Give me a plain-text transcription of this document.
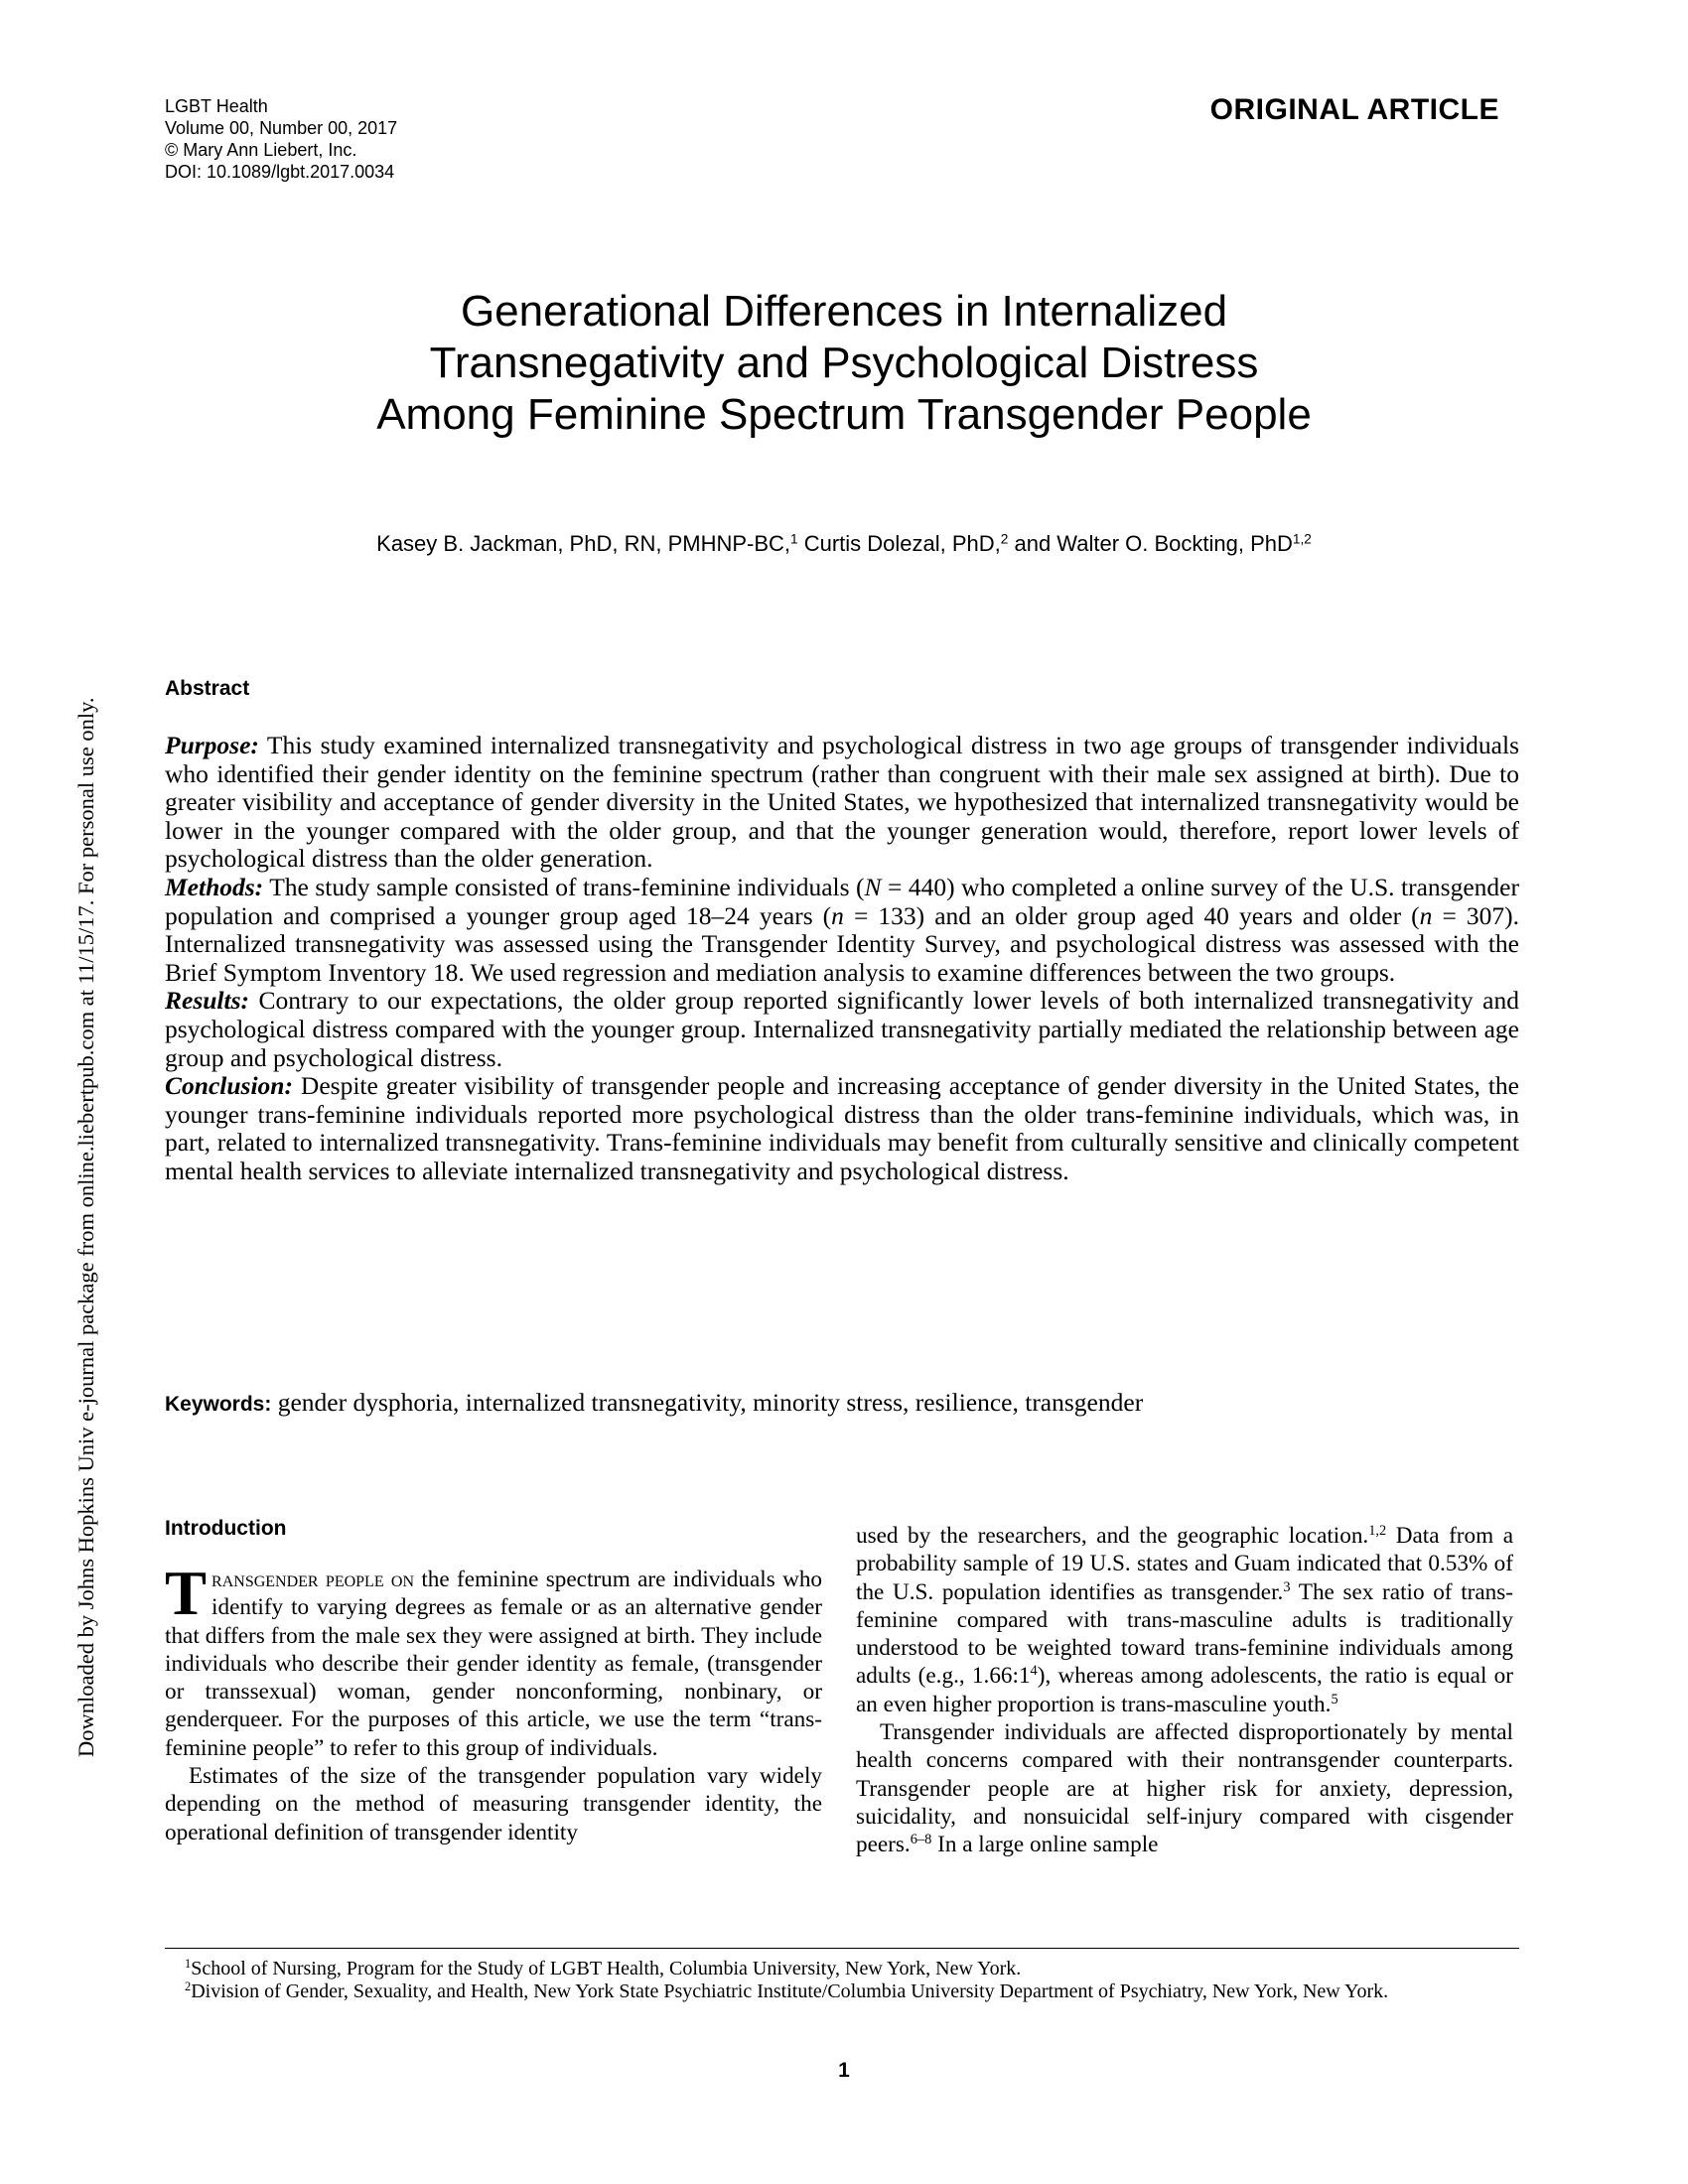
LGBT Health
Volume 00, Number 00, 2017
© Mary Ann Liebert, Inc.
DOI: 10.1089/lgbt.2017.0034
ORIGINAL ARTICLE
Downloaded by Johns Hopkins Univ e-journal package from online.liebertpub.com at 11/15/17. For personal use only.
Generational Differences in Internalized
Transnegativity and Psychological Distress
Among Feminine Spectrum Transgender People
Kasey B. Jackman, PhD, RN, PMHNP-BC,$^1$ Curtis Dolezal, PhD,$^2$ and Walter O. Bockting, PhD$^{1,2}$
Abstract

Purpose: This study examined internalized transnegativity and psychological distress in two age groups of transgender individuals who identified their gender identity on the feminine spectrum (rather than congruent with their male sex assigned at birth). Due to greater visibility and acceptance of gender diversity in the United States, we hypothesized that internalized transnegativity would be lower in the younger compared with the older group, and that the younger generation would, therefore, report lower levels of psychological distress than the older generation.

Methods: The study sample consisted of trans-feminine individuals (N = 440) who completed a online survey of the U.S. transgender population and comprised a younger group aged 18–24 years (n = 133) and an older group aged 40 years and older (n = 307). Internalized transnegativity was assessed using the Transgender Identity Survey, and psychological distress was assessed with the Brief Symptom Inventory 18. We used regression and mediation analysis to examine differences between the two groups.

Results: Contrary to our expectations, the older group reported significantly lower levels of both internalized transnegativity and psychological distress compared with the younger group. Internalized transnegativity partially mediated the relationship between age group and psychological distress.

Conclusion: Despite greater visibility of transgender people and increasing acceptance of gender diversity in the United States, the younger trans-feminine individuals reported more psychological distress than the older trans-feminine individuals, which was, in part, related to internalized transnegativity. Trans-feminine individuals may benefit from culturally sensitive and clinically competent mental health services to alleviate internalized transnegativity and psychological distress.

Keywords: gender dysphoria, internalized transnegativity, minority stress, resilience, transgender
Introduction

Transgender people on the feminine spectrum are individuals who identify to varying degrees as female or as an alternative gender that differs from the male sex they were assigned at birth. They include individuals who describe their gender identity as female, (transgender or transsexual) woman, gender nonconforming, nonbinary, or genderqueer. For the purposes of this article, we use the term “trans-feminine people” to refer to this group of individuals.

Estimates of the size of the transgender population vary widely depending on the method of measuring transgender identity, the operational definition of transgender identity

used by the researchers, and the geographic location.$^{1,2}$ Data from a probability sample of 19 U.S. states and Guam indicated that 0.53% of the U.S. population identifies as transgender.$^3$ The sex ratio of trans-feminine compared with trans-masculine adults is traditionally understood to be weighted toward trans-feminine individuals among adults (e.g., $1.66:1^4$), whereas among adolescents, the ratio is equal or an even higher proportion is trans-masculine youth.$^5$

Transgender individuals are affected disproportionately by mental health concerns compared with their nontransgender counterparts. Transgender people are at higher risk for anxiety, depression, suicidality, and nonsuicidal self-injury compared with cisgender peers.$^{6-8}$ In a large online sample

$^1$School of Nursing, Program for the Study of LGBT Health, Columbia University, New York, New York.

$^2$Division of Gender, Sexuality, and Health, New York State Psychiatric Institute/Columbia University Department of Psychiatry, New York, New York.

1
